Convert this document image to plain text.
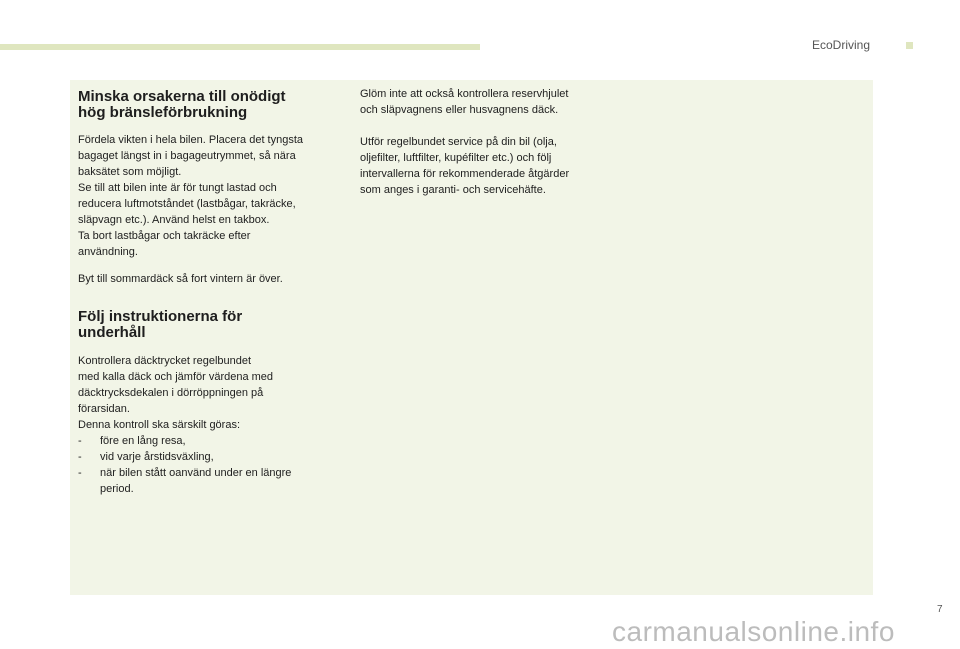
EcoDriving
Minska orsakerna till onödigt
hög bränsleförbrukning

Fördela vikten i hela bilen. Placera det tyngsta
bagaget längst in i bagageutrymmet, så nära
baksätet som möjligt.
Se till att bilen inte är för tungt lastad och
reducera luftmotståndet (lastbågar, takräcke,
släpvagn etc.). Använd helst en takbox.
Ta bort lastbågar och takräcke efter
användning.

Byt till sommardäck så fort vintern är över.

Följ instruktionerna för
underhåll

Kontrollera däcktrycket regelbundet
med kalla däck och jämför värdena med
däcktrycksdekalen i dörröppningen på
förarsidan.
Denna kontroll ska särskilt göras:

- före en lång resa,
- vid varje årstidsväxling,
- när bilen stått oanvänd under en längre
period.

Glöm inte att också kontrollera reservhjulet
och släpvagnens eller husvagnens däck.

Utför regelbundet service på din bil (olja,
oljefilter, luftfilter, kupéfilter etc.) och följ
intervallerna för rekommenderade åtgärder
som anges i garanti- och servicehäfte.

7
carmanualsonline.info
